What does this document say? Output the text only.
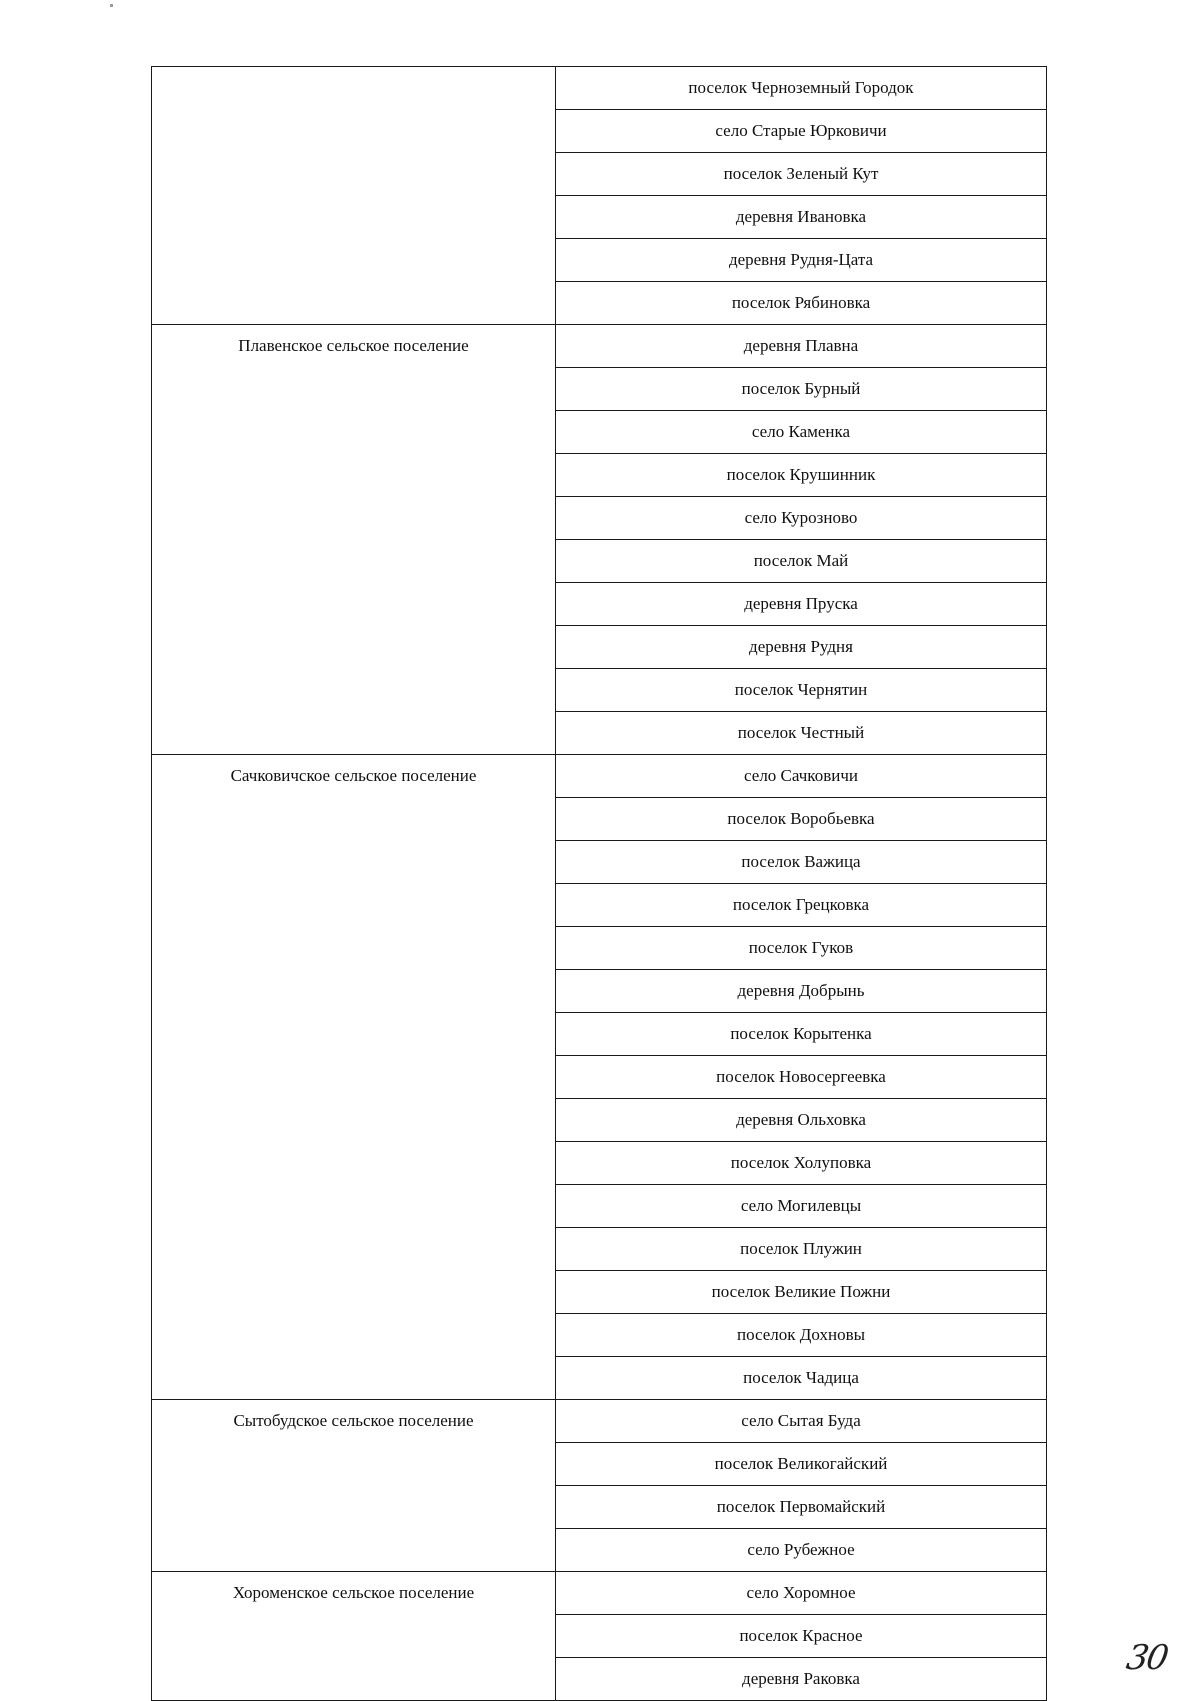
	поселок Черноземный Городок
	село Старые Юрковичи
	поселок Зеленый Кут
	деревня Ивановка
	деревня Рудня-Цата
	поселок Рябиновка
Плавенское сельское поселение	деревня Плавна
	поселок Бурный
	село Каменка
	поселок Крушинник
	село Курозново
	поселок Май
	деревня Пруска
	деревня Рудня
	поселок Чернятин
	поселок Честный
Сачковичское сельское поселение	село Сачковичи
	поселок Воробьевка
	поселок Важица
	поселок Грецковка
	поселок Гуков
	деревня Добрынь
	поселок Корытенка
	поселок Новосергеевка
	деревня Ольховка
	поселок Холуповка
	село Могилевцы
	поселок Плужин
	поселок Великие Пожни
	поселок Дохновы
	поселок Чадица
Сытобудское сельское поселение	село Сытая Буда
	поселок Великогайский
	поселок Первомайский
	село Рубежное
Хороменское сельское поселение	село Хоромное
	поселок Красное
	деревня Раковка
30
